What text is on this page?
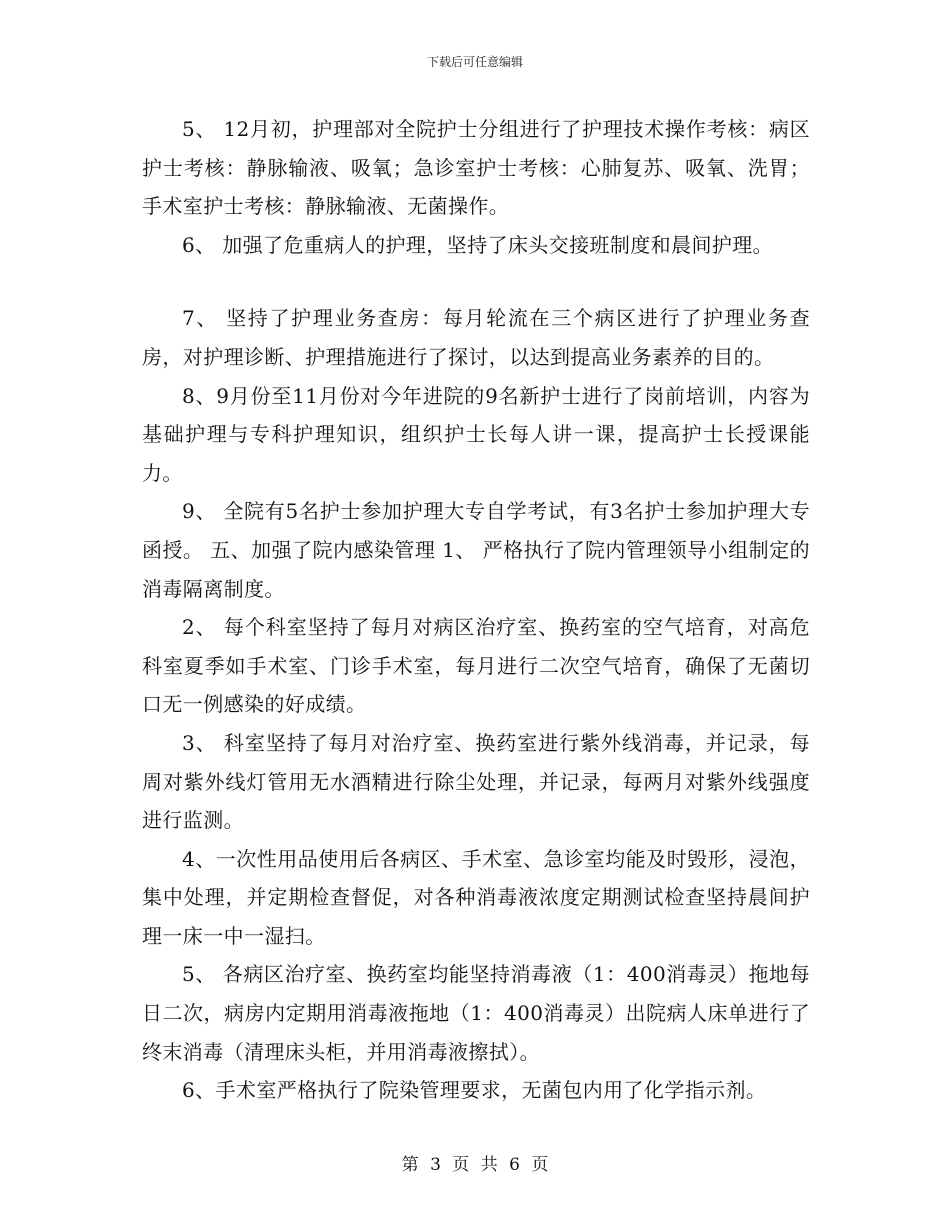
下载后可任意编辑

5、 12月初，护理部对全院护士分组进行了护理技术操作考核：病区护士考核：静脉输液、吸氧；急诊室护士考核：心肺复苏、吸氧、洗胃；手术室护士考核：静脉输液、无菌操作。

6、 加强了危重病人的护理，坚持了床头交接班制度和晨间护理。

7、 坚持了护理业务查房：每月轮流在三个病区进行了护理业务查房，对护理诊断、护理措施进行了探讨，以达到提高业务素养的目的。

8、9月份至11月份对今年进院的9名新护士进行了岗前培训，内容为基础护理与专科护理知识，组织护士长每人讲一课，提高护士长授课能力。

9、 全院有5名护士参加护理大专自学考试，有3名护士参加护理大专函授。 五、加强了院内感染管理 1、 严格执行了院内管理领导小组制定的消毒隔离制度。

2、 每个科室坚持了每月对病区治疗室、换药室的空气培育，对高危科室夏季如手术室、门诊手术室，每月进行二次空气培育，确保了无菌切口无一例感染的好成绩。

3、 科室坚持了每月对治疗室、换药室进行紫外线消毒，并记录，每周对紫外线灯管用无水酒精进行除尘处理，并记录，每两月对紫外线强度进行监测。

4、一次性用品使用后各病区、手术室、急诊室均能及时毁形，浸泡，集中处理，并定期检查督促，对各种消毒液浓度定期测试检查坚持晨间护理一床一中一湿扫。

5、 各病区治疗室、换药室均能坚持消毒液（1：400消毒灵）拖地每日二次，病房内定期用消毒液拖地（1：400消毒灵）出院病人床单进行了终末消毒（清理床头柜，并用消毒液擦拭）。

6、手术室严格执行了院染管理要求，无菌包内用了化学指示剂。

第 3 页 共 6 页
